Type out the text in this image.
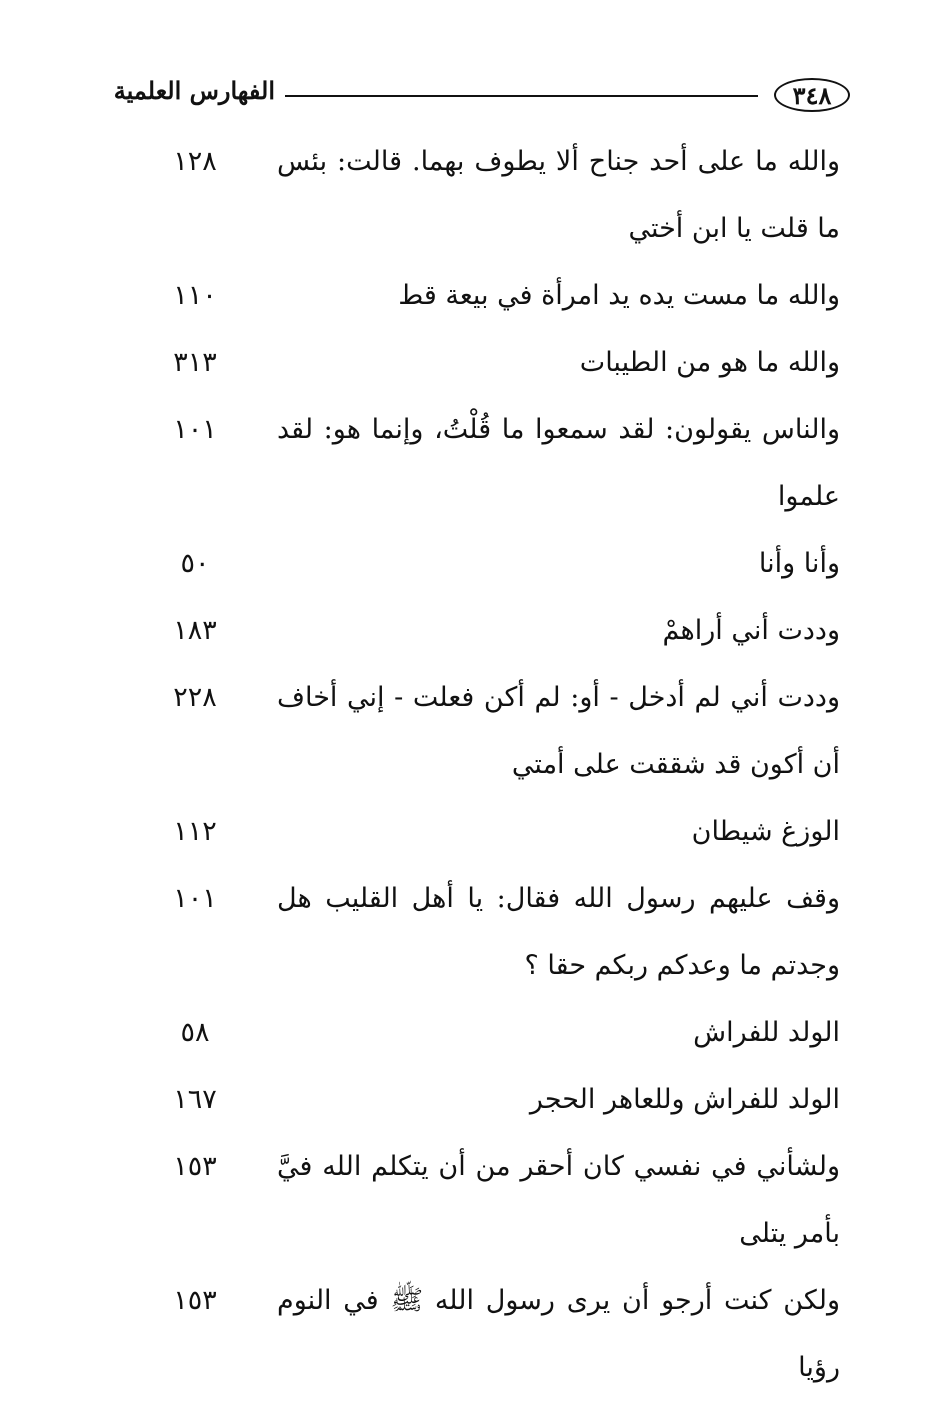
٣٤٨
الفهارس العلمية
والله ما على أحد جناح ألا يطوف بهما. قالت: بئس ما قلت يا ابن أختي
١٢٨
والله ما مست يده يد امرأة في بيعة قط
١١٠
والله ما هو من الطيبات
٣١٣
والناس يقولون: لقد سمعوا ما قُلْتُ، وإنما هو: لقد علموا
١٠١
وأنا وأنا
٥٠
وددت أني أراهمْ
١٨٣
وددت أني لم أدخل - أو: لم أكن فعلت - إني أخاف أن أكون قد شققت على أمتي
٢٢٨
الوزغ شيطان
١١٢
وقف عليهم رسول الله فقال: يا أهل القليب هل وجدتم ما وعدكم ربكم حقا ؟
١٠١
الولد للفراش
٥٨
الولد للفراش وللعاهر الحجر
١٦٧
ولشأني في نفسي كان أحقر من أن يتكلم الله فيَّ بأمر يتلى
١٥٣
ولكن كنت أرجو أن يرى رسول الله ﷺ في النوم رؤيا
١٥٣
